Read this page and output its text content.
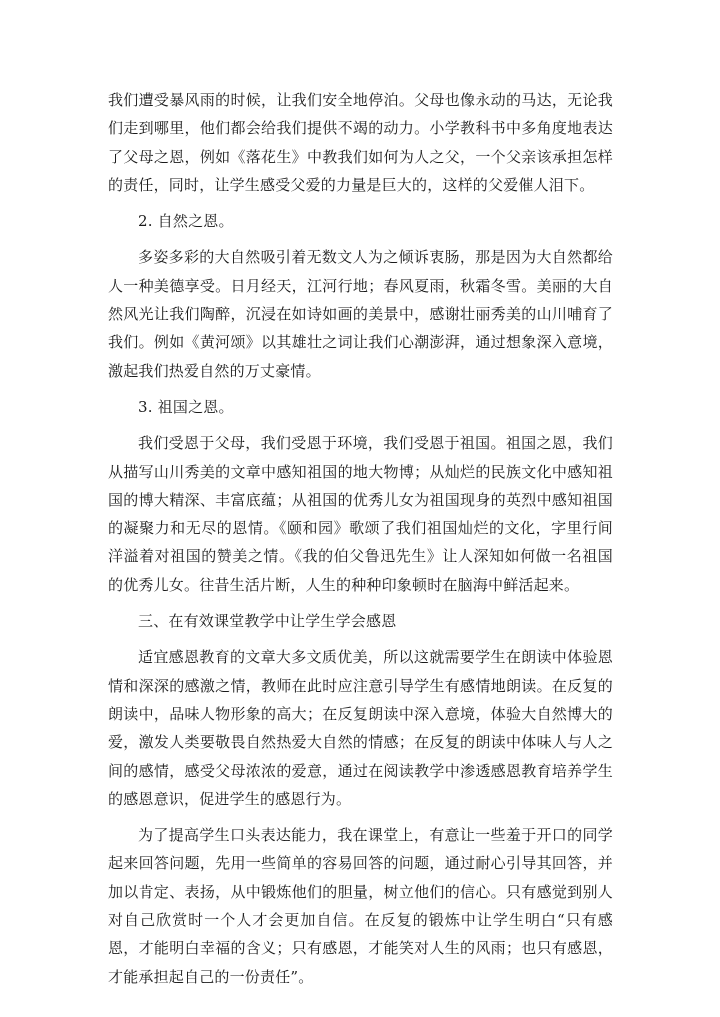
我们遭受暴风雨的时候，让我们安全地停泊。父母也像永动的马达，无论我们走到哪里，他们都会给我们提供不竭的动力。小学教科书中多角度地表达了父母之恩，例如《落花生》中教我们如何为人之父，一个父亲该承担怎样的责任，同时，让学生感受父爱的力量是巨大的，这样的父爱催人泪下。

2. 自然之恩。

多姿多彩的大自然吸引着无数文人为之倾诉衷肠，那是因为大自然都给人一种美德享受。日月经天，江河行地；春风夏雨，秋霜冬雪。美丽的大自然风光让我们陶醉，沉浸在如诗如画的美景中，感谢壮丽秀美的山川哺育了我们。例如《黄河颂》以其雄壮之词让我们心潮澎湃，通过想象深入意境，激起我们热爱自然的万丈豪情。

3. 祖国之恩。

我们受恩于父母，我们受恩于环境，我们受恩于祖国。祖国之恩，我们从描写山川秀美的文章中感知祖国的地大物博；从灿烂的民族文化中感知祖国的博大精深、丰富底蕴；从祖国的优秀儿女为祖国现身的英烈中感知祖国的凝聚力和无尽的恩情。《颐和园》歌颂了我们祖国灿烂的文化，字里行间洋溢着对祖国的赞美之情。《我的伯父鲁迅先生》让人深知如何做一名祖国的优秀儿女。往昔生活片断，人生的种种印象顿时在脑海中鲜活起来。

三、在有效课堂教学中让学生学会感恩

适宜感恩教育的文章大多文质优美，所以这就需要学生在朗读中体验恩情和深深的感激之情，教师在此时应注意引导学生有感情地朗读。在反复的朗读中，品味人物形象的高大；在反复朗读中深入意境，体验大自然博大的爱，激发人类要敬畏自然热爱大自然的情感；在反复的朗读中体味人与人之间的感情，感受父母浓浓的爱意，通过在阅读教学中渗透感恩教育培养学生的感恩意识，促进学生的感恩行为。

为了提高学生口头表达能力，我在课堂上，有意让一些羞于开口的同学起来回答问题，先用一些简单的容易回答的问题，通过耐心引导其回答，并加以肯定、表扬，从中锻炼他们的胆量，树立他们的信心。只有感觉到别人对自己欣赏时一个人才会更加自信。在反复的锻炼中让学生明白“只有感恩，才能明白幸福的含义；只有感恩，才能笑对人生的风雨；也只有感恩，才能承担起自己的一份责任”。
